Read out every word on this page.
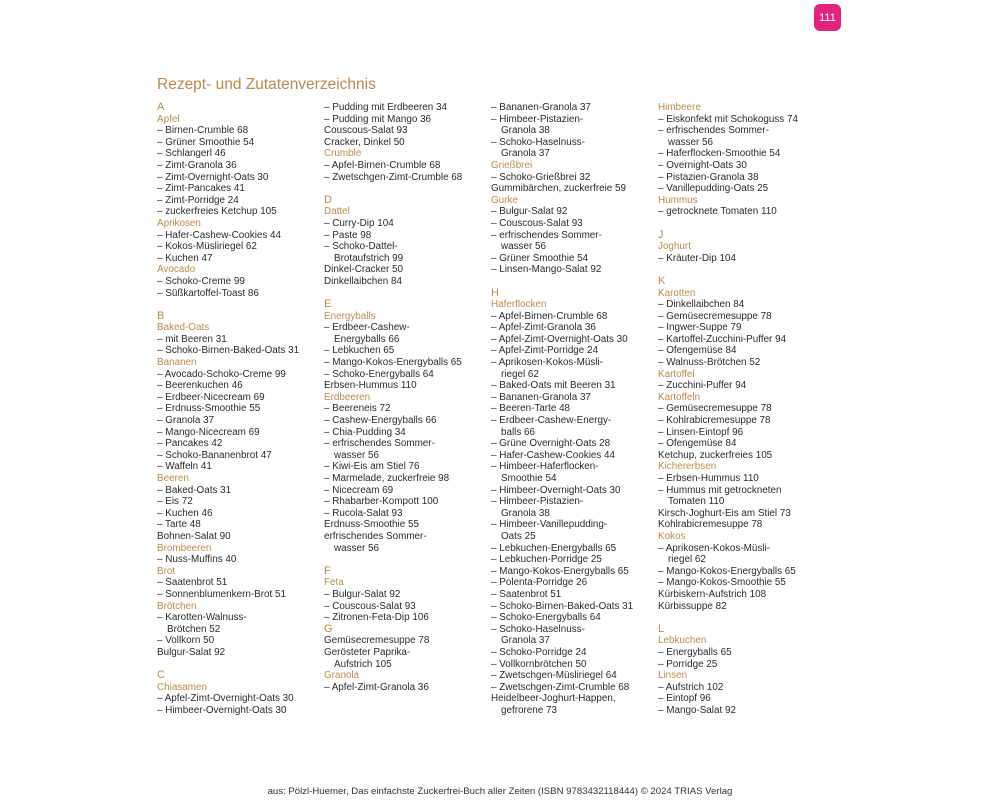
111
Rezept- und Zutatenverzeichnis
A
Apfel
– Birnen-Crumble 68
– Grüner Smoothie 54
– Schlangerl 46
– Zimt-Granola 36
– Zimt-Overnight-Oats 30
– Zimt-Pancakes 41
– Zimt-Porridge 24
– zuckerfreies Ketchup 105
Aprikosen
– Hafer-Cashew-Cookies 44
– Kokos-Müsliriegel 62
– Kuchen 47
Avocado
– Schoko-Creme 99
– Süßkartoffel-Toast 86
B
Baked-Oats
– mit Beeren 31
– Schoko-Birnen-Baked-Oats 31
Bananen
– Avocado-Schoko-Creme 99
– Beerenkuchen 46
– Erdbeer-Nicecream 69
– Erdnuss-Smoothie 55
– Granola 37
– Mango-Nicecream 69
– Pancakes 42
– Schoko-Bananenbrot 47
– Waffeln 41
Beeren
– Baked-Oats 31
– Eis 72
– Kuchen 46
– Tarte 48
Bohnen-Salat 90
Brombeeren
– Nuss-Muffins 40
Brot
– Saatenbrot 51
– Sonnenblumenkern-Brot 51
Brötchen
– Karotten-Walnuss-
Brötchen 52
– Vollkorn 50
Bulgur-Salat 92
C
Chiasamen
– Apfel-Zimt-Overnight-Oats 30
– Himbeer-Overnight-Oats 30
– Pudding mit Erdbeeren 34
– Pudding mit Mango 36
Couscous-Salat 93
Cracker, Dinkel 50
Crumble
– Apfel-Birnen-Crumble 68
– Zwetschgen-Zimt-Crumble 68
D
Dattel
– Curry-Dip 104
– Paste 98
– Schoko-Dattel-
Brotaufstrich 99
Dinkel-Cracker 50
Dinkellaibchen 84
E
Energyballs
– Erdbeer-Cashew-
Energyballs 66
– Lebkuchen 65
– Mango-Kokos-Energyballs 65
– Schoko-Energyballs 64
Erbsen-Hummus 110
Erdbeeren
– Beereneis 72
– Cashew-Energyballs 66
– Chia-Pudding 34
– erfrischendes Sommer-
wasser 56
– Kiwi-Eis am Stiel 76
– Marmelade, zuckerfreie 98
– Nicecream 69
– Rhabarber-Kompott 100
– Rucola-Salat 93
Erdnuss-Smoothie 55
erfrischendes Sommer-
wasser 56
F
Feta
– Bulgur-Salat 92
– Couscous-Salat 93
– Zitronen-Feta-Dip 106
G
Gemüsecremesuppe 78
Gerösteter Paprika-
Aufstrich 105
Granola
– Apfel-Zimt-Granola 36
– Bananen-Granola 37
– Himbeer-Pistazien-
Granola 38
– Schoko-Haselnuss-
Granola 37
Grießbrei
– Schoko-Grießbrei 32
Gummibärchen, zuckerfreie 59
Gurke
– Bulgur-Salat 92
– Couscous-Salat 93
– erfrischendes Sommer-
wasser 56
– Grüner Smoothie 54
– Linsen-Mango-Salat 92
H
Haferflocken
– Apfel-Birnen-Crumble 68
– Apfel-Zimt-Granola 36
– Apfel-Zimt-Overnight-Oats 30
– Apfel-Zimt-Porridge 24
– Aprikosen-Kokos-Müsli-
riegel 62
– Baked-Oats mit Beeren 31
– Bananen-Granola 37
– Beeren-Tarte 48
– Erdbeer-Cashew-Energy-
balls 66
– Grüne Overnight-Oats 28
– Hafer-Cashew-Cookies 44
– Himbeer-Haferflocken-
Smoothie 54
– Himbeer-Overnight-Oats 30
– Himbeer-Pistazien-
Granola 38
– Himbeer-Vanillepudding-
Oats 25
– Lebkuchen-Energyballs 65
– Lebkuchen-Porridge 25
– Mango-Kokos-Energyballs 65
– Polenta-Porridge 26
– Saatenbrot 51
– Schoko-Birnen-Baked-Oats 31
– Schoko-Energyballs 64
– Schoko-Haselnuss-
Granola 37
– Schoko-Porridge 24
– Vollkornbrötchen 50
– Zwetschgen-Müsliriegel 64
– Zwetschgen-Zimt-Crumble 68
Heidelbeer-Joghurt-Happen,
gefrorene 73
Himbeere
– Eiskonfekt mit Schokoguss 74
– erfrischendes Sommer-
wasser 56
– Haferflocken-Smoothie 54
– Overnight-Oats 30
– Pistazien-Granola 38
– Vanillepudding-Oats 25
Hummus
– getrocknete Tomaten 110
J
Joghurt
– Kräuter-Dip 104
K
Karotten
– Dinkellaibchen 84
– Gemüsecremesuppe 78
– Ingwer-Suppe 79
– Kartoffel-Zucchini-Puffer 94
– Ofengemüse 84
– Walnuss-Brötchen 52
Kartoffel
– Zucchini-Puffer 94
Kartoffeln
– Gemüsecremesuppe 78
– Kohlrabicremesuppe 78
– Linsen-Eintopf 96
– Ofengemüse 84
Ketchup, zuckerfreies 105
Kichererbsen
– Erbsen-Hummus 110
– Hummus mit getrockneten
Tomaten 110
Kirsch-Joghurt-Eis am Stiel 73
Kohlrabicremesuppe 78
Kokos
– Aprikosen-Kokos-Müsli-
riegel 62
– Mango-Kokos-Energyballs 65
– Mango-Kokos-Smoothie 55
Kürbiskern-Aufstrich 108
Kürbissuppe 82
L
Lebkuchen
– Energyballs 65
– Porridge 25
Linsen
– Aufstrich 102
– Eintopf 96
– Mango-Salat 92
aus: Pölzl-Huemer, Das einfachste Zuckerfrei-Buch aller Zeiten (ISBN 9783432118444) © 2024 TRIAS Verlag
